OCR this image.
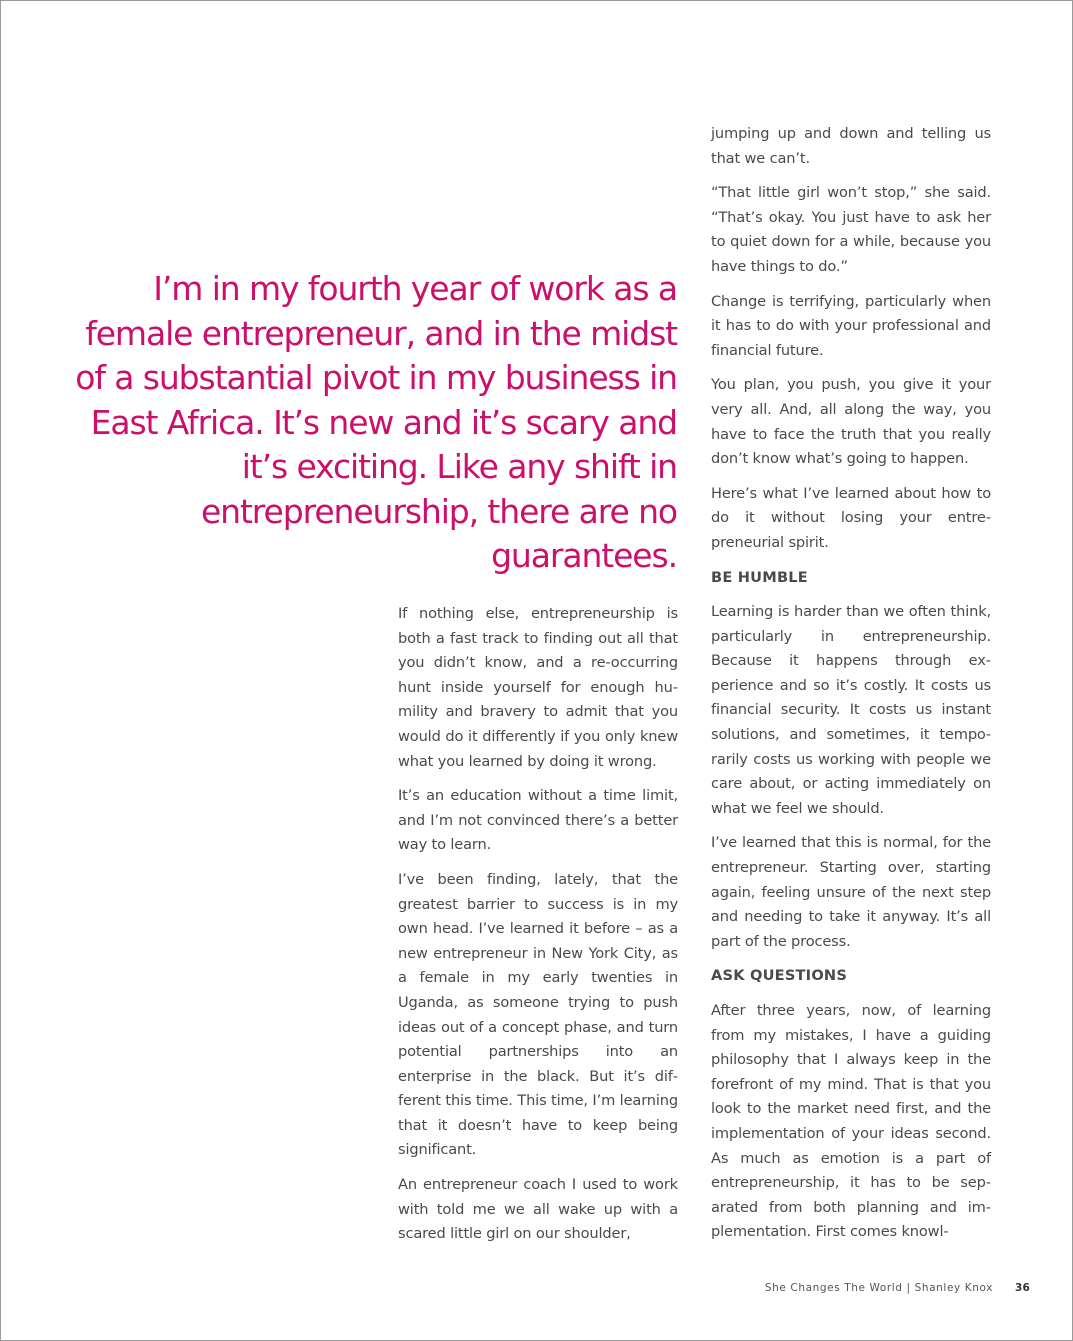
I’m in my fourth year of work as a female entrepreneur, and in the midst of a substantial pivot in my business in East Africa. It’s new and it’s scary and it’s exciting. Like any shift in entrepreneurship, there are no guarantees.

If nothing else, entrepreneurship is both a fast track to finding out all that you didn’t know, and a re-occurring hunt inside yourself for enough humility and bravery to admit that you would do it differently if you only knew what you learned by doing it wrong.

It’s an education without a time limit, and I’m not convinced there’s a better way to learn.

I’ve been finding, lately, that the greatest barrier to success is in my own head. I’ve learned it before – as a new entrepreneur in New York City, as a female in my early twenties in Uganda, as someone trying to push ideas out of a concept phase, and turn potential partnerships into an enterprise in the black. But it’s different this time. This time, I’m learning that it doesn’t have to keep being significant.

An entrepreneur coach I used to work with told me we all wake up with a scared little girl on our shoulder,

jumping up and down and telling us that we can’t.

“That little girl won’t stop,” she said. “That’s okay. You just have to ask her to quiet down for a while, because you have things to do.”

Change is terrifying, particularly when it has to do with your professional and financial future.

You plan, you push, you give it your very all. And, all along the way, you have to face the truth that you really don’t know what’s going to happen.

Here’s what I’ve learned about how to do it without losing your entrepreneurial spirit.

BE HUMBLE

Learning is harder than we often think, particularly in entrepreneurship. Because it happens through experience and so it’s costly. It costs us financial security. It costs us instant solutions, and sometimes, it temporarily costs us working with people we care about, or acting immediately on what we feel we should.

I’ve learned that this is normal, for the entrepreneur. Starting over, starting again, feeling unsure of the next step and needing to take it anyway. It’s all part of the process.

ASK QUESTIONS

After three years, now, of learning from my mistakes, I have a guiding philosophy that I always keep in the forefront of my mind. That is that you look to the market need first, and the implementation of your ideas second. As much as emotion is a part of entrepreneurship, it has to be separated from both planning and implementation. First comes knowl-

She Changes The World | Shanley Knox 36
